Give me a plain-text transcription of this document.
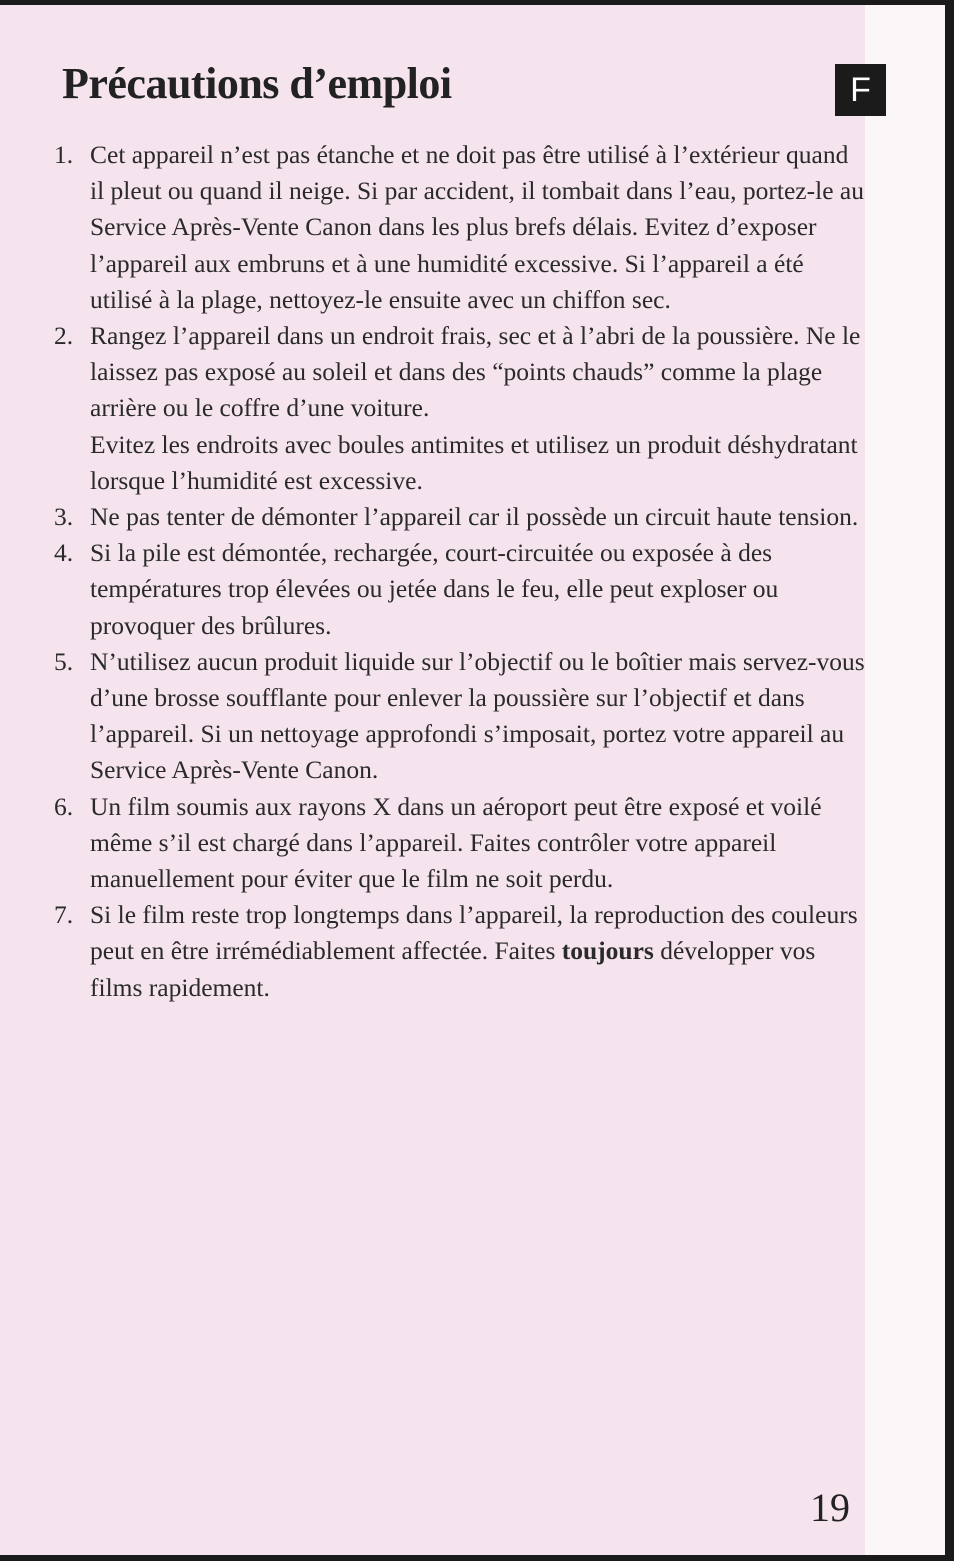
Précautions d’emploi	F
1. Cet appareil n’est pas étanche et ne doit pas être utilisé à l’extérieur quand il pleut ou quand il neige. Si par accident, il tombait dans l’eau, portez-le au Service Après-Vente Canon dans les plus brefs délais. Evitez d’exposer l’appareil aux embruns et à une humidité excessive. Si l’appareil a été utilisé à la plage, nettoyez-le ensuite avec un chiffon sec.

2. Rangez l’appareil dans un endroit frais, sec et à l’abri de la poussière. Ne le laissez pas exposé au soleil et dans des “points chauds” comme la plage arrière ou le coffre d’une voiture.

Evitez les endroits avec boules antimites et utilisez un produit déshydratant lorsque l’humidité est excessive.

3. Ne pas tenter de démonter l’appareil car il possède un circuit haute tension.

4. Si la pile est démontée, rechargée, court-circuitée ou exposée à des températures trop élevées ou jetée dans le feu, elle peut exploser ou provoquer des brûlures.

5. N’utilisez aucun produit liquide sur l’objectif ou le boîtier mais servez-vous d’une brosse soufflante pour enlever la poussière sur l’objectif et dans l’appareil. Si un nettoyage approfondi s’imposait, portez votre appareil au Service Après-Vente Canon.

6. Un film soumis aux rayons X dans un aéroport peut être exposé et voilé même s’il est chargé dans l’appareil. Faites contrôler votre appareil manuellement pour éviter que le film ne soit perdu.

7. Si le film reste trop longtemps dans l’appareil, la reproduction des couleurs peut en être irrémédiablement affectée. Faites toujours développer vos films rapidement.

19
